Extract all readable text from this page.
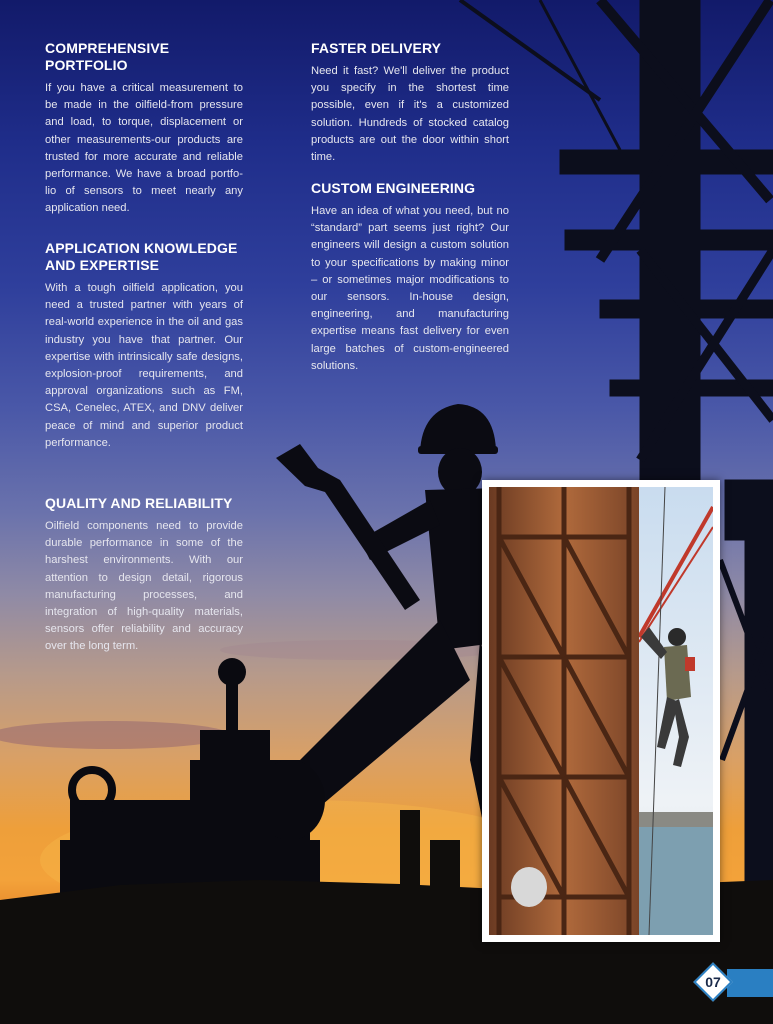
COMPREHENSIVE PORTFOLIO

If you have a critical measurement to be made in the oilfield-from pressure and load, to torque, displacement or other measurements-our products are trusted for more accurate and reliable performance. We have a broad portfo-lio of sensors to meet nearly any application need.

APPLICATION KNOWLEDGE AND EXPERTISE

With a tough oilfield application, you need a trusted partner with years of real-world experience in the oil and gas industry you have that partner. Our expertise with intrinsically safe designs, explosion-proof requirements, and approval organizations such as FM, CSA, Cenelec, ATEX, and DNV deliver peace of mind and superior product performance.

QUALITY AND RELIABILITY

Oilfield components need to provide durable performance in some of the harshest environments. With our attention to design detail, rigorous manufacturing processes, and integration of high-quality materials, sensors offer reliability and accuracy over the long term.

FASTER DELIVERY

Need it fast? We'll deliver the product you specify in the shortest time possible, even if it's a customized solution. Hundreds of stocked catalog products are out the door within short time.

CUSTOM ENGINEERING

Have an idea of what you need, but no “standard” part seems just right? Our engineers will design a custom solution to your specifications by making minor – or sometimes major modifications to our sensors. In-house design, engineering, and manufacturing expertise means fast delivery for even large batches of custom-engineered solutions.

07
